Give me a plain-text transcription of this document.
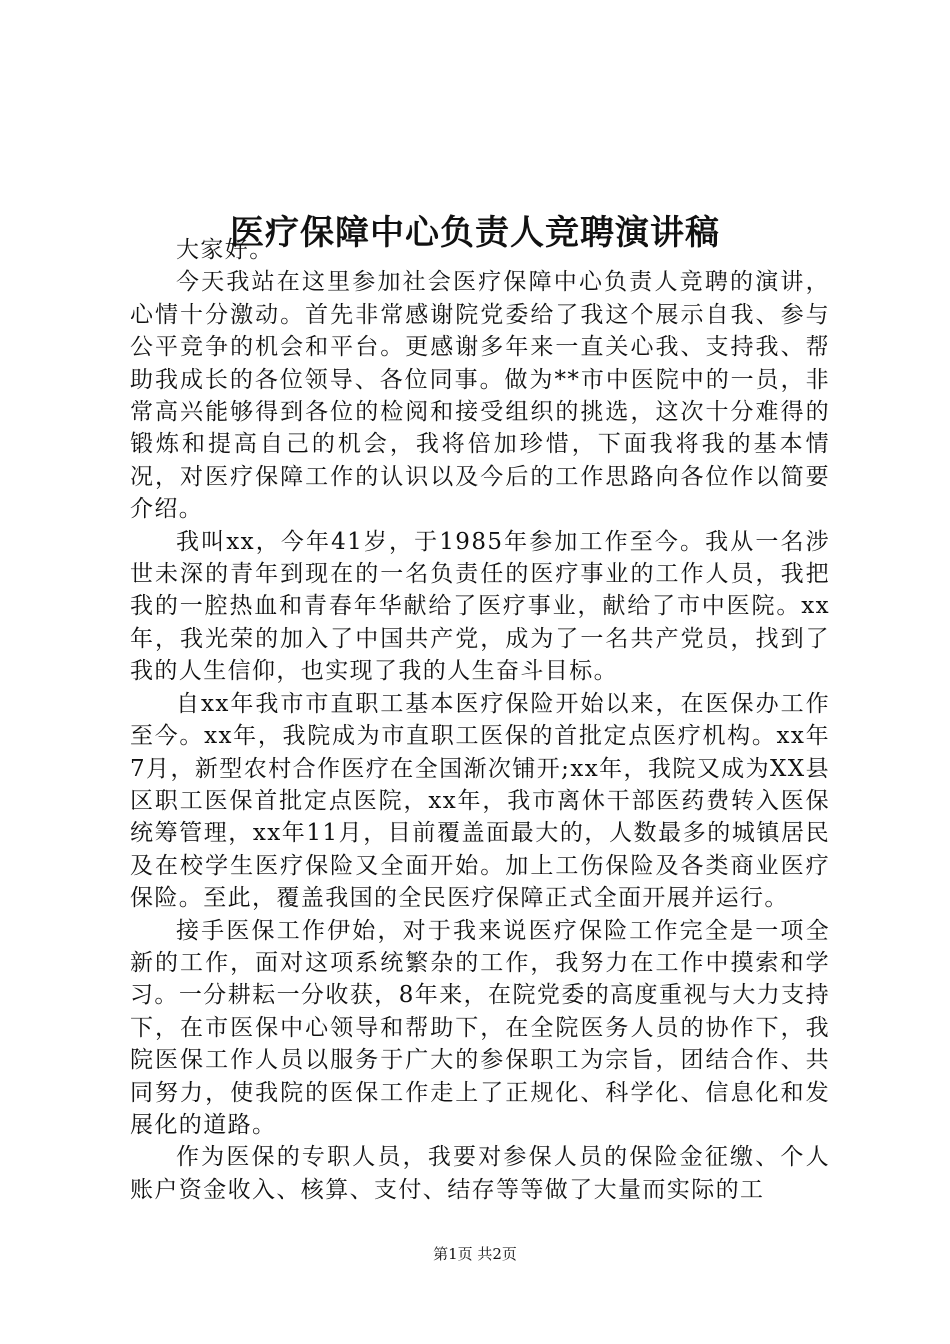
医疗保障中心负责人竞聘演讲稿

大家好。

今天我站在这里参加社会医疗保障中心负责人竞聘的演讲，心情十分激动。首先非常感谢院党委给了我这个展示自我、参与公平竞争的机会和平台。更感谢多年来一直关心我、支持我、帮助我成长的各位领导、各位同事。做为**市中医院中的一员，非常高兴能够得到各位的检阅和接受组织的挑选，这次十分难得的锻炼和提高自己的机会，我将倍加珍惜，下面我将我的基本情况，对医疗保障工作的认识以及今后的工作思路向各位作以简要介绍。

我叫xx，今年41岁，于1985年参加工作至今。我从一名涉世未深的青年到现在的一名负责任的医疗事业的工作人员，我把我的一腔热血和青春年华献给了医疗事业，献给了市中医院。xx年，我光荣的加入了中国共产党，成为了一名共产党员，找到了我的人生信仰，也实现了我的人生奋斗目标。

自xx年我市市直职工基本医疗保险开始以来，在医保办工作至今。xx年，我院成为市直职工医保的首批定点医疗机构。xx年7月，新型农村合作医疗在全国渐次铺开;xx年，我院又成为XX县区职工医保首批定点医院，xx年，我市离休干部医药费转入医保统筹管理，xx年11月，目前覆盖面最大的，人数最多的城镇居民及在校学生医疗保险又全面开始。加上工伤保险及各类商业医疗保险。至此，覆盖我国的全民医疗保障正式全面开展并运行。

接手医保工作伊始，对于我来说医疗保险工作完全是一项全新的工作，面对这项系统繁杂的工作，我努力在工作中摸索和学习。一分耕耘一分收获，8年来，在院党委的高度重视与大力支持下，在市医保中心领导和帮助下，在全院医务人员的协作下，我院医保工作人员以服务于广大的参保职工为宗旨，团结合作、共同努力，使我院的医保工作走上了正规化、科学化、信息化和发展化的道路。

作为医保的专职人员，我要对参保人员的保险金征缴、个人账户资金收入、核算、支付、结存等等做了大量而实际的工

第1页 共2页
